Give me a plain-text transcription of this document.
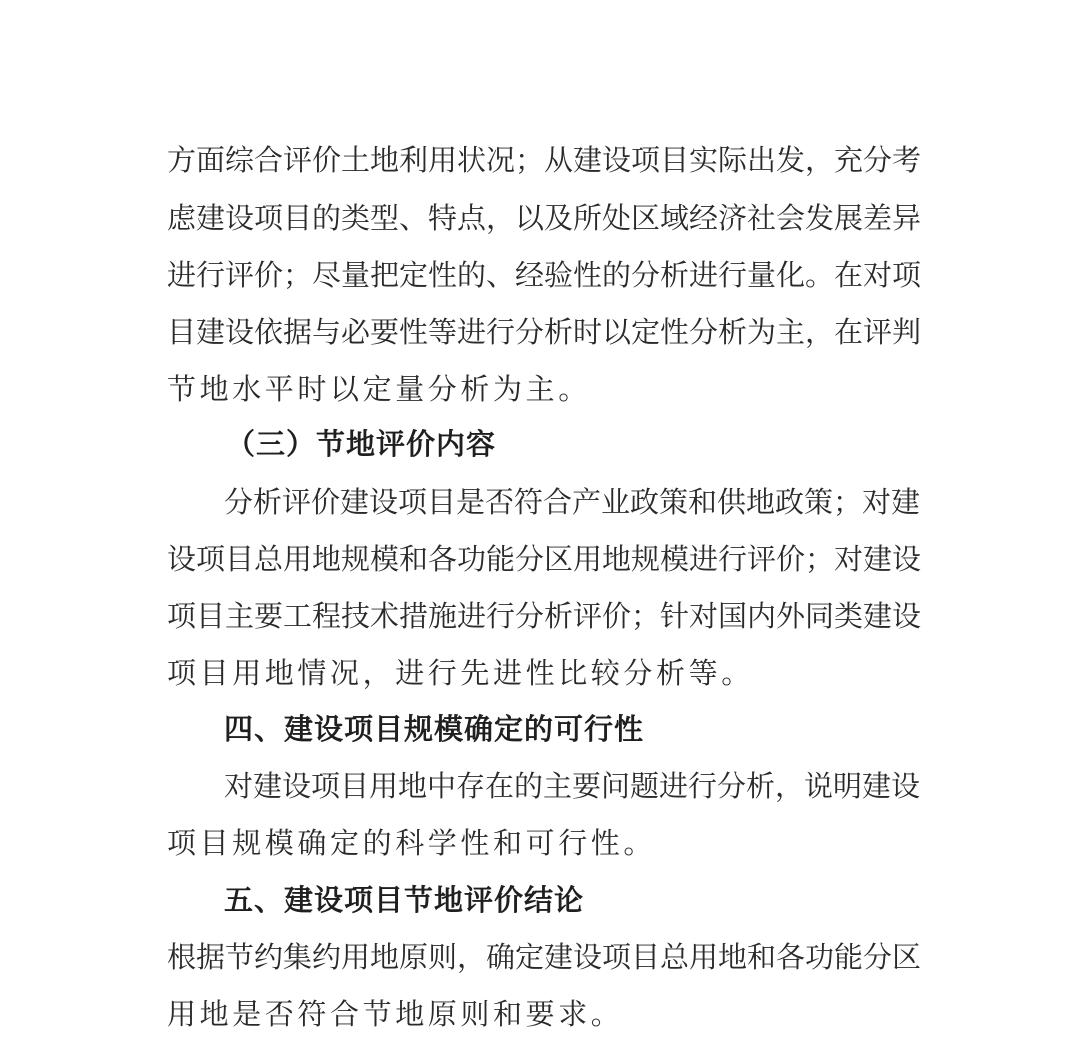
方面综合评价土地利用状况；从建设项目实际出发，充分考
虑建设项目的类型、特点，以及所处区域经济社会发展差异
进行评价；尽量把定性的、经验性的分析进行量化。在对项
目建设依据与必要性等进行分析时以定性分析为主，在评判
节地水平时以定量分析为主。
（三）节地评价内容
分析评价建设项目是否符合产业政策和供地政策；对建
设项目总用地规模和各功能分区用地规模进行评价；对建设
项目主要工程技术措施进行分析评价；针对国内外同类建设
项目用地情况，进行先进性比较分析等。
四、建设项目规模确定的可行性
对建设项目用地中存在的主要问题进行分析，说明建设
项目规模确定的科学性和可行性。
五、建设项目节地评价结论
根据节约集约用地原则，确定建设项目总用地和各功能分区
用地是否符合节地原则和要求。
